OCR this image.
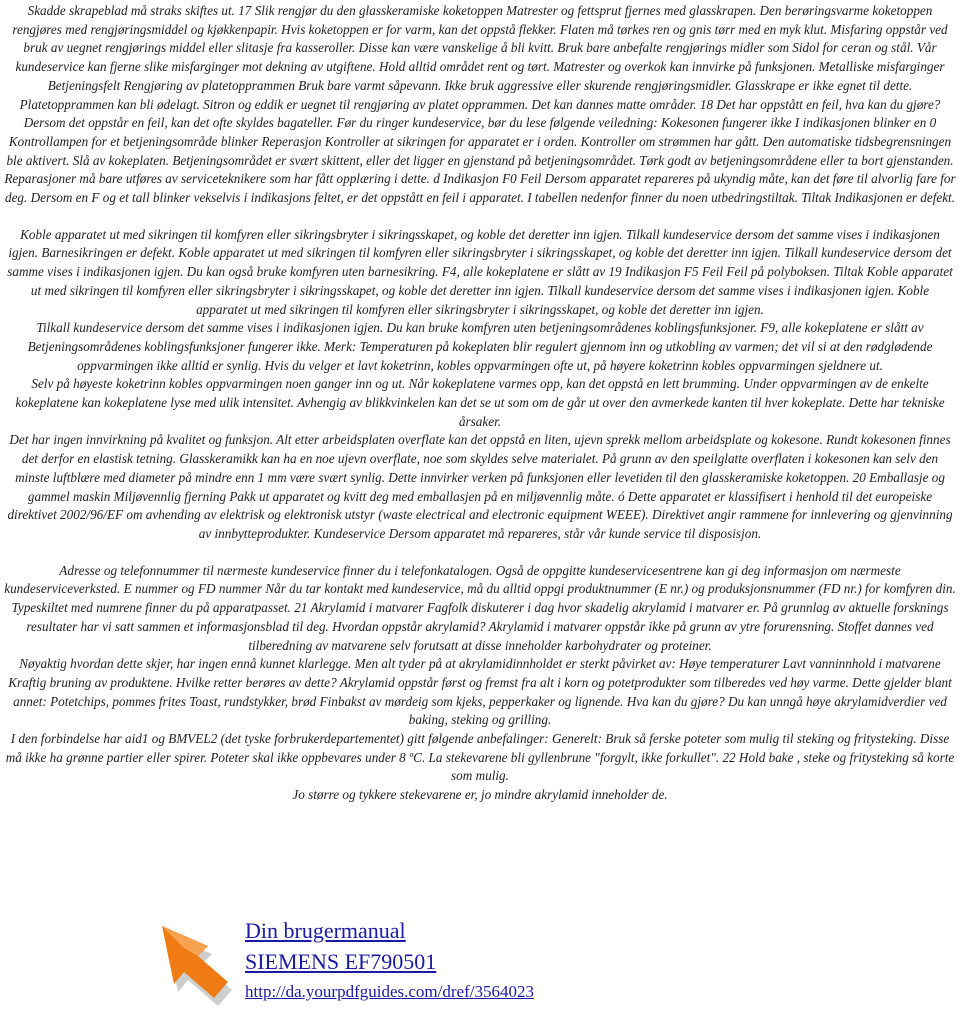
Skadde skrapeblad må straks skiftes ut. 17 Slik rengjør du den glasskeramiske koketoppen Matrester og fettsprut fjernes med glasskrapen. Den berøringsvarme koketoppen rengjøres med rengjøringsmiddel og kjøkkenpapir. Hvis koketoppen er for varm, kan det oppstå flekker. Flaten må tørkes ren og gnis tørr med en myk klut. Misfaring oppstår ved bruk av uegnet rengjørings middel eller slitasje fra kasseroller. Disse kan være vanskelige å bli kvitt. Bruk bare anbefalte rengjørings midler som Sidol for ceran og stål. Vår kundeservice kan fjerne slike misfarginger mot dekning av utgiftene. Hold alltid området rent og tørt. Matrester og overkok kan innvirke på funksjonen. Metalliske misfarginger Betjeningsfelt Rengjøring av platetopprammen Bruk bare varmt såpevann. Ikke bruk aggressive eller skurende rengjøringsmidler. Glasskrape er ikke egnet til dette. Platetopprammen kan bli ødelagt. Sitron og eddik er uegnet til rengjøring av platet opprammen. Det kan dannes matte områder. 18 Det har oppstått en feil, hva kan du gjøre? Dersom det oppstår en feil, kan det ofte skyldes bagateller. Før du ringer kundeservice, bør du lese følgende veiledning: Kokesonen fungerer ikke I indikasjonen blinker en 0 Kontrollampen for et betjeningsområde blinker Reperasjon Kontroller at sikringen for apparatet er i orden. Kontroller om strømmen har gått. Den automatiske tidsbegrensningen ble aktivert. Slå av kokeplaten. Betjeningsområdet er svært skittent, eller det ligger en gjenstand på betjeningsområdet. Tørk godt av betjeningsområdene eller ta bort gjenstanden. Reparasjoner må bare utføres av serviceteknikere som har fått opplæring i dette. d Indikasjon F0 Feil Dersom apparatet repareres på ukyndig måte, kan det føre til alvorlig fare for deg. Dersom en F og et tall blinker vekselvis i indikasjons feltet, er det oppstått en feil i apparatet. I tabellen nedenfor finner du noen utbedringstiltak. Tiltak Indikasjonen er defekt.

Koble apparatet ut med sikringen til komfyren eller sikringsbryter i sikringsskapet, og koble det deretter inn igjen. Tilkall kundeservice dersom det samme vises i indikasjonen igjen. Barnesikringen er defekt. Koble apparatet ut med sikringen til komfyren eller sikringsbryter i sikringsskapet, og koble det deretter inn igjen. Tilkall kundeservice dersom det samme vises i indikasjonen igjen. Du kan også bruke komfyren uten barnesikring. F4, alle kokeplatene er slått av 19 Indikasjon F5 Feil Feil på polyboksen. Tiltak Koble apparatet ut med sikringen til komfyren eller sikringsbryter i sikringsskapet, og koble det deretter inn igjen. Tilkall kundeservice dersom det samme vises i indikasjonen igjen. Koble apparatet ut med sikringen til komfyren eller sikringsbryter i sikringsskapet, og koble det deretter inn igjen.

Tilkall kundeservice dersom det samme vises i indikasjonen igjen. Du kan bruke komfyren uten betjeningsområdenes koblingsfunksjoner. F9, alle kokeplatene er slått av Betjeningsområdenes koblingsfunksjoner fungerer ikke. Merk: Temperaturen på kokeplaten blir regulert gjennom inn og utkobling av varmen; det vil si at den rødglødende oppvarmingen ikke alltid er synlig. Hvis du velger et lavt koketrinn, kobles oppvarmingen ofte ut, på høyere koketrinn kobles oppvarmingen sjeldnere ut.

Selv på høyeste koketrinn kobles oppvarmingen noen ganger inn og ut. Når kokeplatene varmes opp, kan det oppstå en lett brumming. Under oppvarmingen av de enkelte kokeplatene kan kokeplatene lyse med ulik intensitet. Avhengig av blikkvinkelen kan det se ut som om de går ut over den avmerkede kanten til hver kokeplate. Dette har tekniske årsaker.

Det har ingen innvirkning på kvalitet og funksjon. Alt etter arbeidsplaten overflate kan det oppstå en liten, ujevn sprekk mellom arbeidsplate og kokesone. Rundt kokesonen finnes det derfor en elastisk tetning. Glasskeramikk kan ha en noe ujevn overflate, noe som skyldes selve materialet. På grunn av den speilglatte overflaten i kokesonen kan selv den minste luftblære med diameter på mindre enn 1 mm være svært synlig. Dette innvirker verken på funksjonen eller levetiden til den glasskeramiske koketoppen. 20 Emballasje og gammel maskin Miljøvennlig fjerning Pakk ut apparatet og kvitt deg med emballasjen på en miljøvennlig måte. ó Dette apparatet er klassifisert i henhold til det europeiske direktivet 2002/96/EF om avhending av elektrisk og elektronisk utstyr (waste electrical and electronic equipment WEEE). Direktivet angir rammene for innlevering og gjenvinning av innbytteprodukter. Kundeservice Dersom apparatet må repareres, står vår kunde service til disposisjon.

Adresse og telefonnummer til nærmeste kundeservice finner du i telefonkatalogen. Også de oppgitte kundeservicesentrene kan gi deg informasjon om nærmeste kundeserviceverksted. E nummer og FD nummer Når du tar kontakt med kundeservice, må du alltid oppgi produktnummer (E nr.) og produksjonsnummer (FD nr.) for komfyren din. Typeskiltet med numrene finner du på apparatpasset. 21 Akrylamid i matvarer Fagfolk diskuterer i dag hvor skadelig akrylamid i matvarer er. På grunnlag av aktuelle forsknings resultater har vi satt sammen et informasjonsblad til deg. Hvordan oppstår akrylamid? Akrylamid i matvarer oppstår ikke på grunn av ytre forurensning. Stoffet dannes ved tilberedning av matvarene selv forutsatt at disse inneholder karbohydrater og proteiner.

Nøyaktig hvordan dette skjer, har ingen ennå kunnet klarlegge. Men alt tyder på at akrylamidinnholdet er sterkt påvirket av: Høye temperaturer Lavt vanninnhold i matvarene Kraftig bruning av produktene. Hvilke retter berøres av dette? Akrylamid oppstår først og fremst fra alt i korn og potetprodukter som tilberedes ved høy varme. Dette gjelder blant annet: Potetchips, pommes frites Toast, rundstykker, brød Finbakst av mørdeig som kjeks, pepperkaker og lignende. Hva kan du gjøre? Du kan unngå høye akrylamidverdier ved baking, steking og grilling.

I den forbindelse har aid1 og BMVEL2 (det tyske forbrukerdepartementet) gitt følgende anbefalinger: Generelt: Bruk så ferske poteter som mulig til steking og fritysteking. Disse må ikke ha grønne partier eller spirer. Poteter skal ikke oppbevares under 8 ºC. La stekevarene bli gyllenbrune "forgylt, ikke forkullet". 22 Hold bake , steke og fritysteking så korte som mulig.

Jo større og tykkere stekevarene er, jo mindre akrylamid inneholder de.

Din brugermanual
SIEMENS EF790501
http://da.yourpdfguides.com/dref/3564023
